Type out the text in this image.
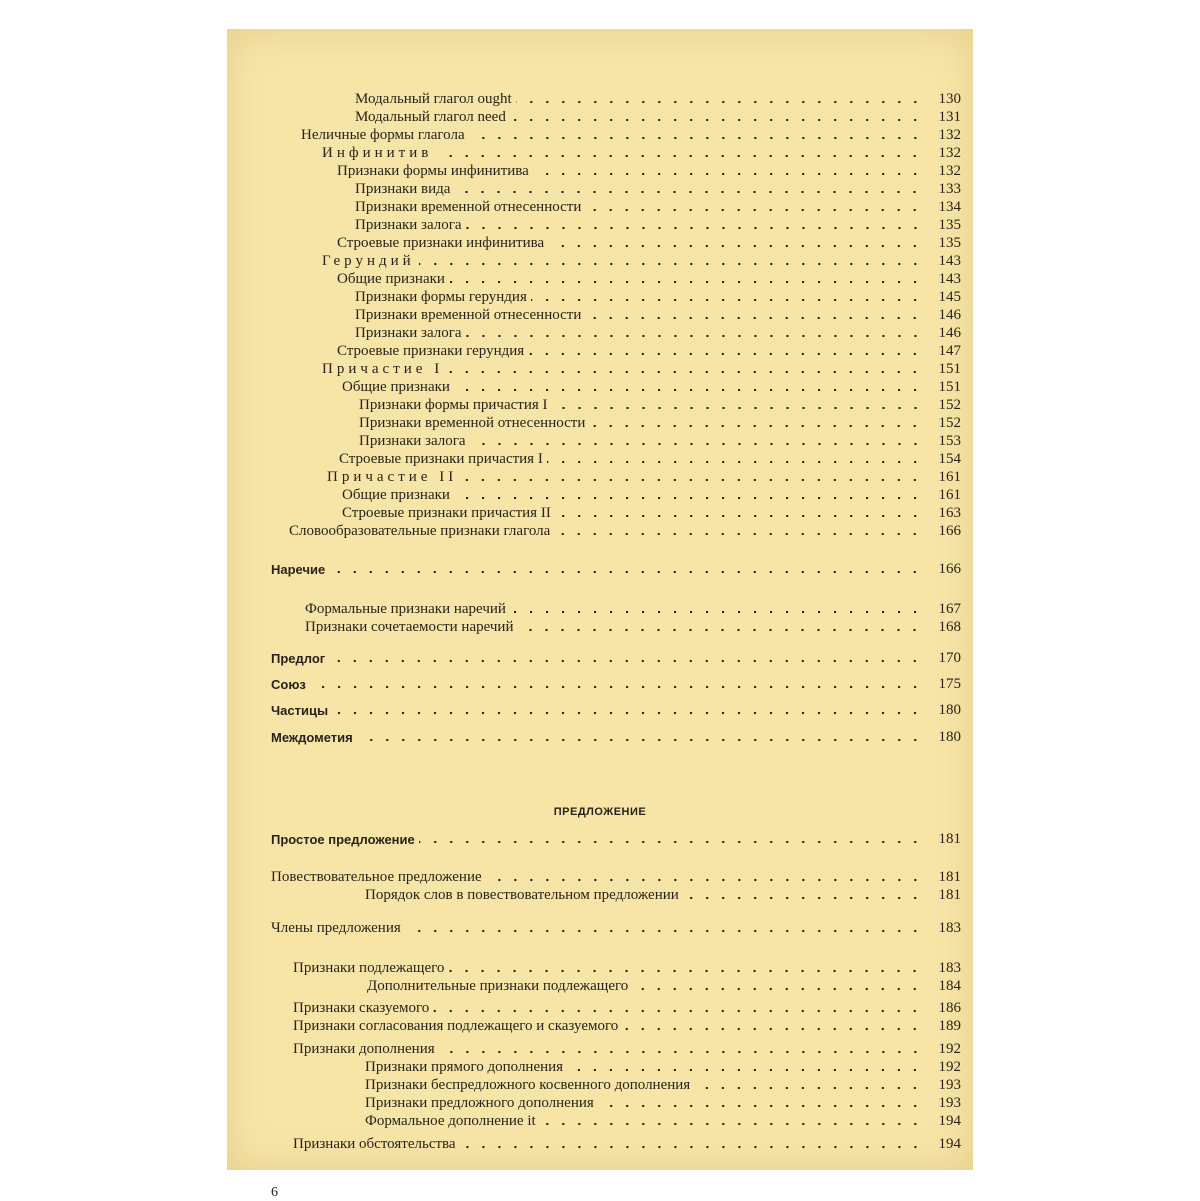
Модальный глагол ought	130
Модальный глагол need	131
Неличные формы глагола	132
Инфинитив	132
Признаки формы инфинитива	132
Признаки вида	133
Признаки временной отнесенности	134
Признаки залога	135
Строевые признаки инфинитива	135
Герундий	143
Общие признаки	143
Признаки формы герундия	145
Признаки временной отнесенности	146
Признаки залога	146
Строевые признаки герундия	147
Причастие I	151
Общие признаки	151
Признаки формы причастия I	152
Признаки временной отнесенности	152
Признаки залога	153
Строевые признаки причастия I	154
Причастие II	161
Общие признаки	161
Строевые признаки причастия II	163
Словообразовательные признаки глагола	166
Наречие	166
Формальные признаки наречий	167
Признаки сочетаемости наречий	168
Предлог	170
Союз	175
Частицы	180
Междометия	180
ПРЕДЛОЖЕНИЕ
Простое предложение	181
Повествовательное предложение	181
Порядок слов в повествовательном предложении	181
Члены предложения	183
Признаки подлежащего	183
Дополнительные признаки подлежащего	184
Признаки сказуемого	186
Признаки согласования подлежащего и сказуемого	189
Признаки дополнения	192
Признаки прямого дополнения	192
Признаки беспредложного косвенного дополнения	193
Признаки предложного дополнения	193
Формальное дополнение it	194
Признаки обстоятельства	194
6
